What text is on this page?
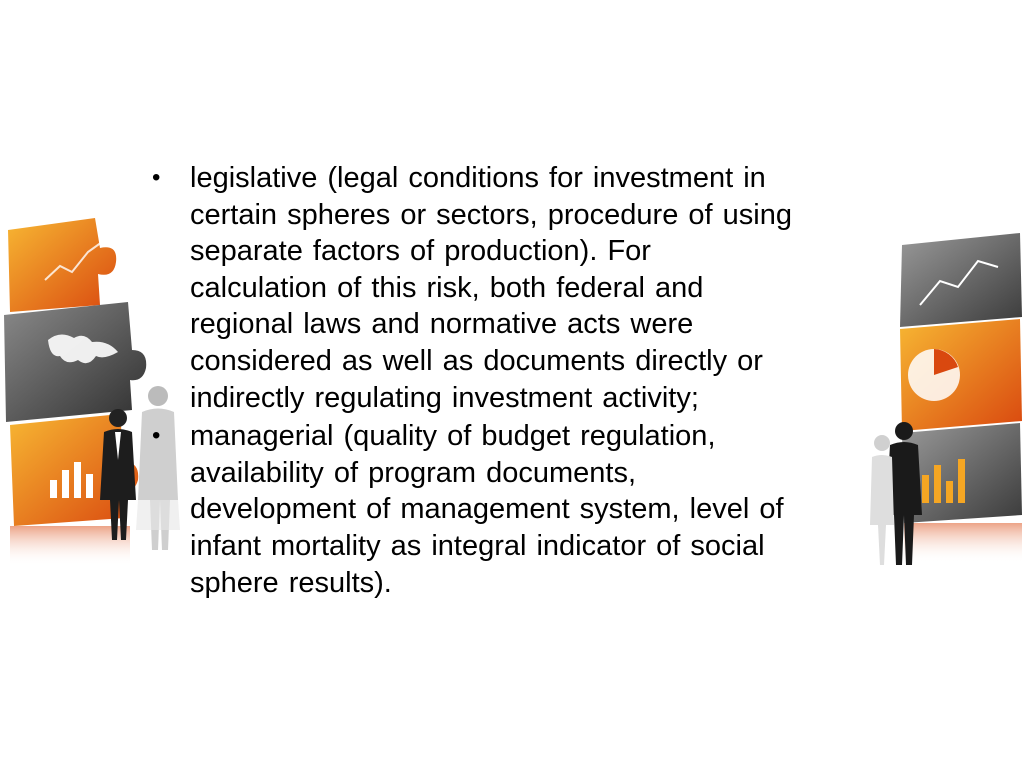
• legislative (legal conditions for investment in
certain spheres or sectors, procedure of using
separate factors of production). For
calculation of this risk, both federal and
regional laws and normative acts were
considered as well as documents directly or
indirectly regulating investment activity;
• managerial (quality of budget regulation,
availability of program documents,
development of management system, level of
infant mortality as integral indicator of social
sphere results).
